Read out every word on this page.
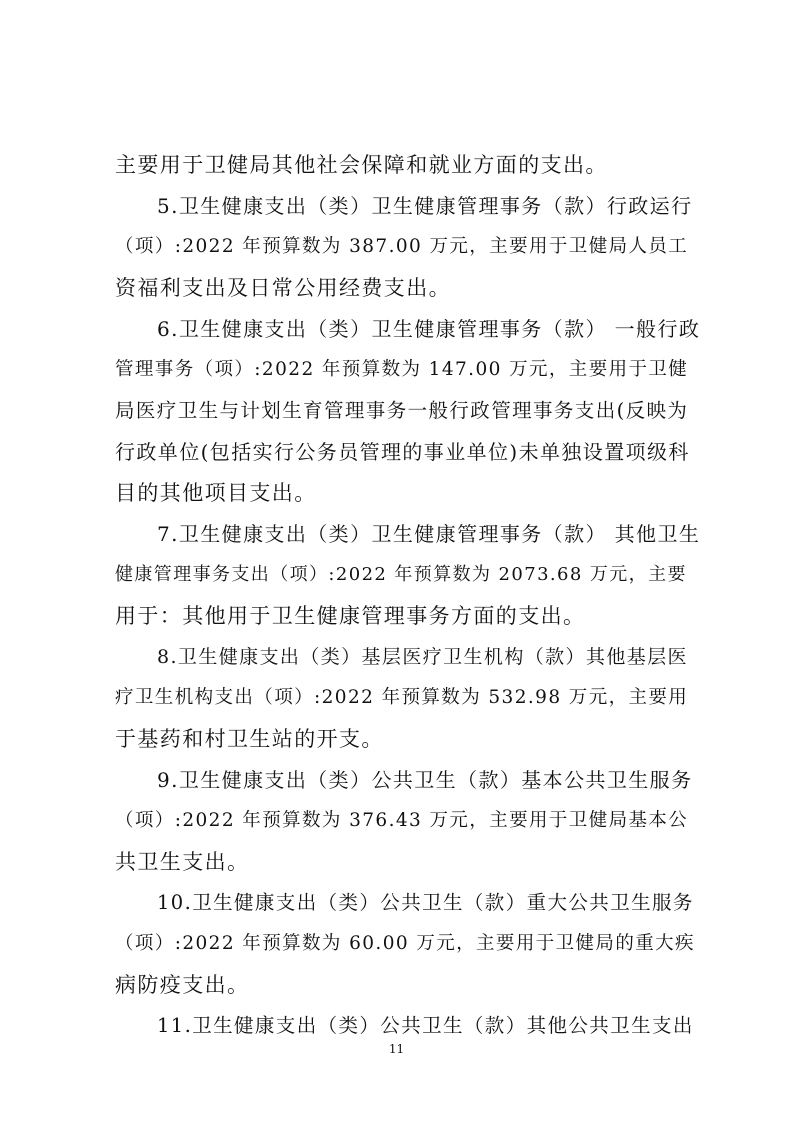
主要用于卫健局其他社会保障和就业方面的支出。
5.卫生健康支出（类）卫生健康管理事务（款）行政运行
（项）:2022 年预算数为 387.00 万元，主要用于卫健局人员工
资福利支出及日常公用经费支出。
6.卫生健康支出（类）卫生健康管理事务（款） 一般行政
管理事务（项）:2022 年预算数为 147.00 万元，主要用于卫健
局医疗卫生与计划生育管理事务一般行政管理事务支出(反映为
行政单位(包括实行公务员管理的事业单位)未单独设置项级科
目的其他项目支出。
7.卫生健康支出（类）卫生健康管理事务（款） 其他卫生
健康管理事务支出（项）:2022 年预算数为 2073.68 万元，主要
用于：其他用于卫生健康管理事务方面的支出。
8.卫生健康支出（类）基层医疗卫生机构（款）其他基层医
疗卫生机构支出（项）:2022 年预算数为 532.98 万元，主要用
于基药和村卫生站的开支。
9.卫生健康支出（类）公共卫生（款）基本公共卫生服务
（项）:2022 年预算数为 376.43 万元，主要用于卫健局基本公
共卫生支出。
10.卫生健康支出（类）公共卫生（款）重大公共卫生服务
（项）:2022 年预算数为 60.00 万元，主要用于卫健局的重大疾
病防疫支出。
11.卫生健康支出（类）公共卫生（款）其他公共卫生支出
11
